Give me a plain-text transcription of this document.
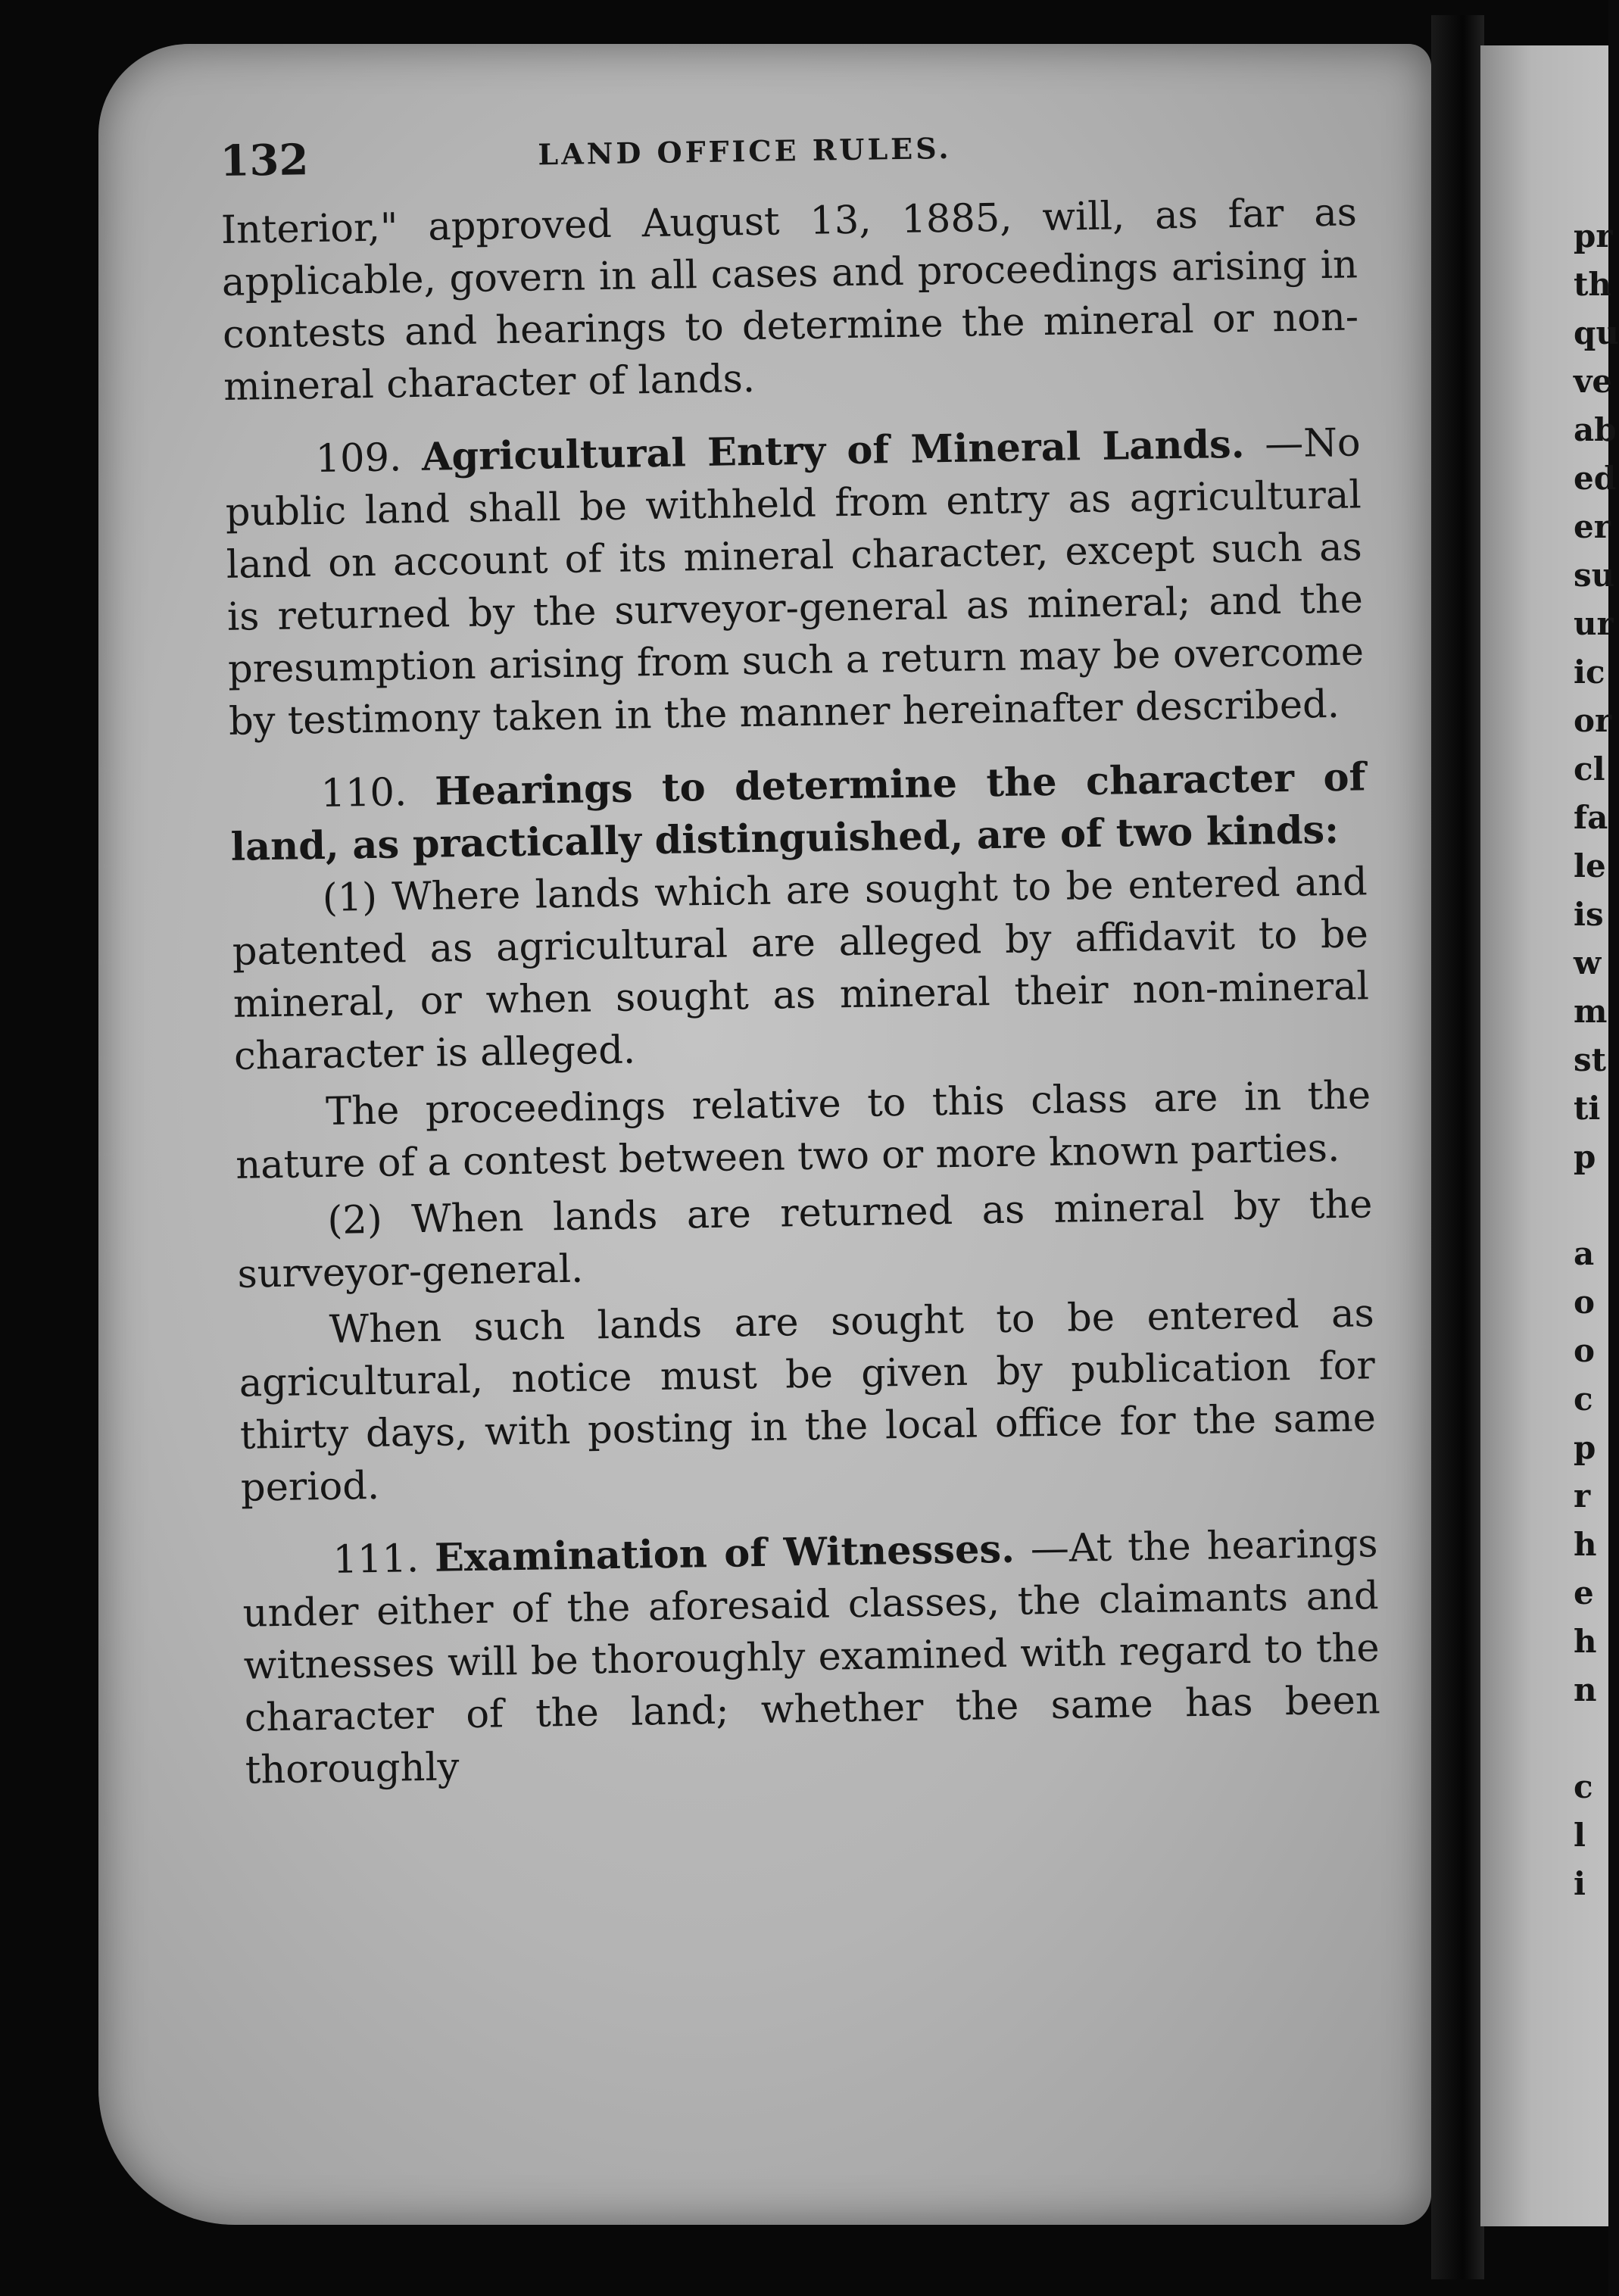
pr
th
qu
ve
ab
ed
er
su
ur
ic
or
cl
fa
le
is
w
m
st
ti
p
a
o
o
c
p
r
h
e
h
n
c
l
i
132	LAND OFFICE RULES.

Interior," approved August 13, 1885, will, as far as applicable, govern in all cases and proceedings arising in contests and hearings to determine the mineral or non-mineral character of lands.

109. Agricultural Entry of Mineral Lands. —No public land shall be withheld from entry as agricultural land on account of its mineral character, except such as is returned by the surveyor-general as mineral; and the presumption arising from such a return may be overcome by testimony taken in the manner hereinafter described.

110. Hearings to determine the character of land, as practically distinguished, are of two kinds:

(1) Where lands which are sought to be entered and patented as agricultural are alleged by affidavit to be mineral, or when sought as mineral their non-mineral character is alleged.

The proceedings relative to this class are in the nature of a contest between two or more known parties.

(2) When lands are returned as mineral by the surveyor-general.

When such lands are sought to be entered as agricultural, notice must be given by publication for thirty days, with posting in the local office for the same period.

111. Examination of Witnesses. —At the hearings under either of the aforesaid classes, the claimants and witnesses will be thoroughly examined with regard to the character of the land; whether the same has been thoroughly
